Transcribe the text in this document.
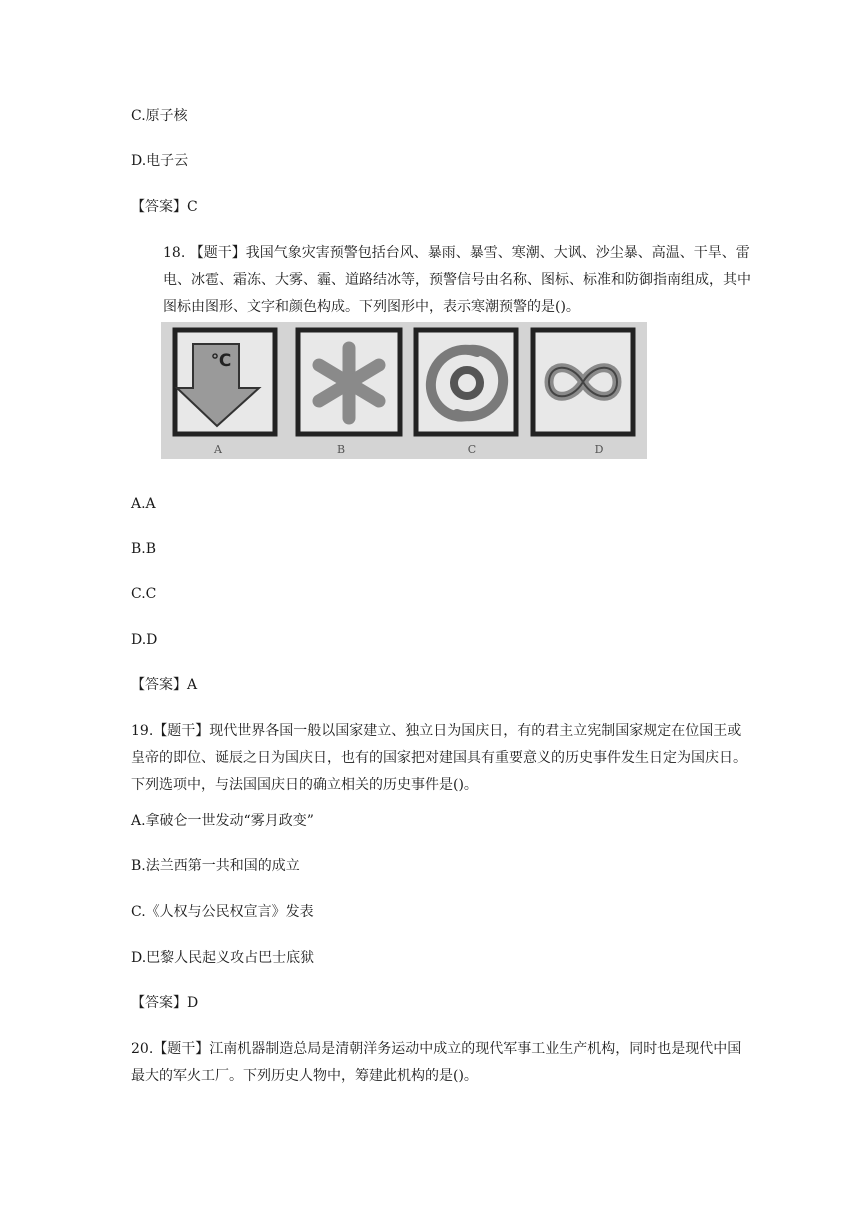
C.原子核
D.电子云
【答案】C
18. 【题干】我国气象灾害预警包括台风、暴雨、暴雪、寒潮、大讽、沙尘暴、高温、干旱、雷电、冰雹、霜冻、大雾、霾、道路结冰等，预警信号由名称、图标、标准和防御指南组成，其中图标由图形、文字和颜色构成。下列图形中，表示寒潮预警的是()。
℃
A	B	C	D
A.A
B.B
C.C
D.D
【答案】A
19.【题干】现代世界各国一般以国家建立、独立日为国庆日，有的君主立宪制国家规定在位国王或皇帝的即位、诞辰之日为国庆日，也有的国家把对建国具有重要意义的历史事件发生日定为国庆日。下列选项中，与法国国庆日的确立相关的历史事件是()。
A.拿破仑一世发动“雾月政变”
B.法兰西第一共和国的成立
C.《人权与公民权宣言》发表
D.巴黎人民起义攻占巴士底狱
【答案】D
20.【题干】江南机器制造总局是清朝洋务运动中成立的现代军事工业生产机构，同时也是现代中国最大的军火工厂。下列历史人物中，筹建此机构的是()。
